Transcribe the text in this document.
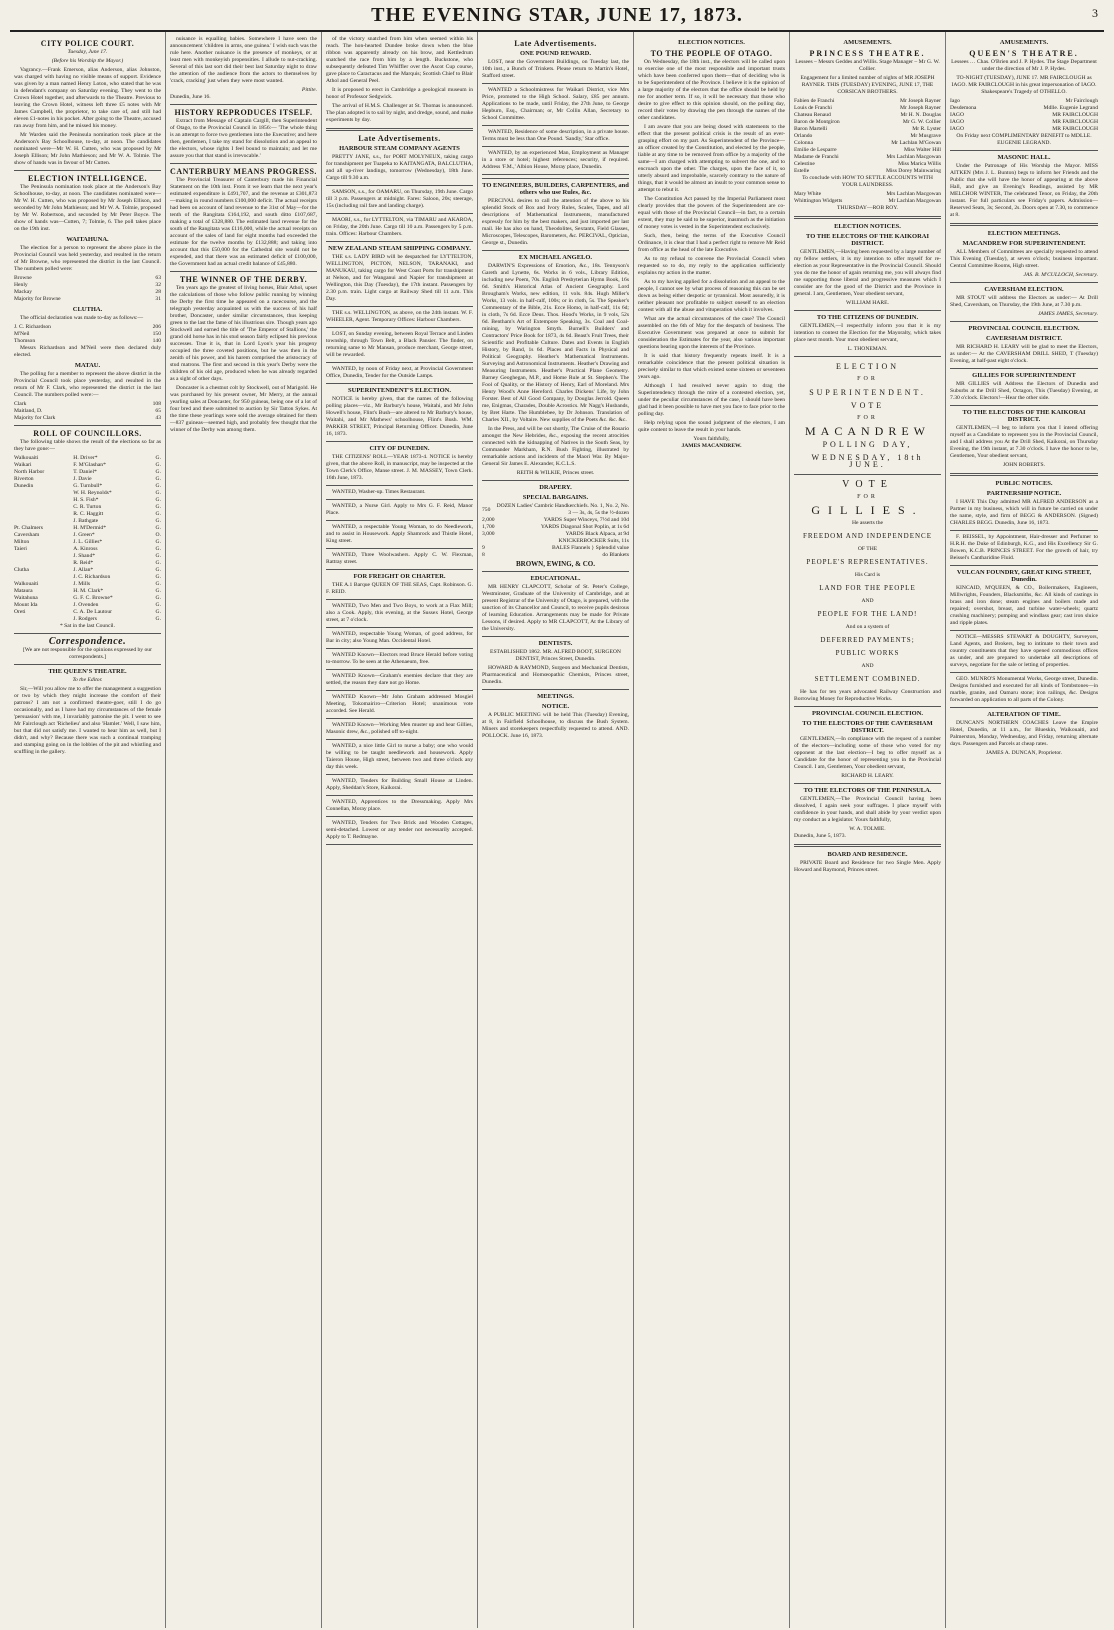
THE EVENING STAR, JUNE 17, 1873.	3
CITY POLICE COURT.
Tuesday, June 17.
(Before his Worship the Mayor.)

Vagrancy.—Frank Emerson, alias Anderson, alias Johnston, was charged with having no visible means of support. Evidence was given by a man named Henry Loton, who stated that he was in defendant's company on Saturday evening. They went to the Crown Hotel together, and afterwards to the Theatre. Previous to leaving the Crown Hotel, witness left three £5 notes with Mr James Campbell, the proprietor, to take care of, and still had eleven £1-notes in his pocket. After going to the Theatre, accused ran away from him, and he missed his money.

Mr Warden said the Peninsula nomination took place at the Anderson's Bay Schoolhouse, to-day, at noon. The candidates nominated were—Mr W. H. Cutten, who was proposed by Mr Joseph Ellison; Mr John Mathieson; and Mr W. A. Tolmie. The show of hands was in favour of Mr Cutten.

ELECTION INTELLIGENCE.

The Peninsula nomination took place at the Anderson's Bay Schoolhouse, to-day, at noon. The candidates nominated were—Mr W. H. Cutten, who was proposed by Mr Joseph Ellison, and seconded by Mr John Mathieson; and Mr W. A. Tolmie, proposed by Mr W. Robertson, and seconded by Mr Peter Boyce. The show of hands was—Cutten, 7; Tolmie, 6. The poll takes place on the 19th inst.

WAITAHUNA.

The election for a person to represent the above place in the Provincial Council was held yesterday, and resulted in the return of Mr Browne, who represented the district in the last Council. The numbers polled were:

Browne	63
Henly	32
Mackay	28
Majority for Browne	31
CLUTHA.

The official declaration was made to-day as follows:—

J. C. Richardson	206
M'Neil	150
Thomson	140

Messrs Richardson and M'Neil were then declared duly elected.

MATAU.

The polling for a member to represent the above district in the Provincial Council took place yesterday, and resulted in the return of Mr F. Clark, who represented the district in the last Council. The numbers polled were:—

Clark	108
Maitland, D.	65
Majority for Clark	43
ROLL OF COUNCILLORS.

The following table shows the result of the elections so far as they have gone:—

Walkouaiti	H. Driver*	G.
Waikari	F. M'Glashan*	G.
North Harbor	T. Daniel*	G.
Riverton	J. Davie	G.
Dunedin	G. Turnbull*	G.
	W. H. Reynolds*	G.
	H. S. Fish*	G.
	C. R. Turton	G.
	R. C. Haggitt	G.
	J. Bathgate	G.
Pt. Chalmers	H. M'Dermid*	G.
Caversham	J. Green*	O.
Milton	J. L. Gillies*	G.
Taieri	A. Kinross	G.
	J. Shand*	G.
	R. Reid*	G.
Clutha	J. Allan*	G.
	J. C. Richardson	G.
Walkouaiti	J. Mills	G.
Mataura	H. M. Clark*	G.
Waitahuna	G. F. C. Browne*	G.
Mount Ida	J. Ovenden	G.
Oreti	C. A. De Lautour	G.
	J. Rodgers	G.
* Sat in the last Council.
Correspondence.

[We are not responsible for the opinions expressed by our correspondents.]

THE QUEEN'S THEATRE.
To the Editor.

Sir,—Will you allow me to offer the management a suggestion or two by which they might increase the comfort of their patrons? I am not a confirmed theatre-goer, still I do go occasionally, and as I have had my circumstances of the female 'persuasion' with me, I invariably patronise the pit. I went to see Mr Fairclough act 'Richelieu' and also 'Hamlet.' Well, I saw him, but that did not satisfy me. I wanted to hear him as well, but I didn't, and why? Because there was such a continual tramping and stamping going on in the lobbies of the pit and whistling and scuffling in the gallery.

nuisance is equalling babies. Somewhere I have seen the announcement 'children in arms, one guinea.' I wish such was the rule here. Another nuisance is the presence of monkeys, or at least men with monkeyish propensities. I allude to nut-cracking. Several of this last sort did their best last Saturday night to draw the attention of the audience from the actors to themselves by 'crack, cracking' just when they were most wanted.

Pittite.
Dunedin, June 16.
HISTORY REPRODUCES ITSELF.

Extract from Message of Captain Cargill, then Superintendent of Otago, to the Provincial Council in 1856:— 'The whole thing is an attempt to force two gentlemen into the Executive; and here then, gentlemen, I take my stand for dissolution and an appeal to the electors, whose rights I feel bound to maintain; and let me assure you that that stand is irrevocable.'

CANTERBURY MEANS PROGRESS.

The Provincial Treasurer of Canterbury made his Financial Statement on the 10th inst. From it we learn that the next year's estimated expenditure is £491,707, and the revenue at £301,873—making in round numbers £100,000 deficit. The actual receipts had been on account of land revenue to the 31st of May—for the tenth of the Rangitata £164,192, and south ditto £107,687, making a total of £328,880. The estimated land revenue for the south of the Rangitata was £116,000, while the actual receipts on account of the sales of land for eight months had exceeded the estimate for the twelve months by £132,888; and taking into account that this £50,000 for the Cathedral site would not be expended, and that there was an estimated deficit of £100,000, the Government had an actual credit balance of £45,880.

THE WINNER OF THE DERBY.

Ten years ago the greatest of living horses, Blair Athol, upset the calculations of those who follow public running by winning the Derby the first time he appeared on a racecourse, and the telegraph yesterday acquainted us with the success of his half brother, Doncaster, under similar circumstances, thus keeping green to the last the fame of his illustrious sire. Though years ago Stockwell and earned the title of 'The Emperor of Stallions,' the grand old horse has in his stud season fairly eclipsed his previous successes. True it is, that in Lord Lyon's year his progeny occupied the three coveted positions, but he was then in the zenith of his power, and his harem comprised the aristocracy of stud matrons. The first and second in this year's Derby were the children of his old age, produced when he was already regarded as a sight of other days.

Doncaster is a chestnut colt by Stockwell, out of Marigold. He was purchased by his present owner, Mr Merry, at the annual yearling sales at Doncaster, for 950 guineas, being one of a lot of four bred and there submitted to auction by Sir Tatton Sykes. At the time these yearlings were sold the average obtained for them—837 guineas—seemed high, and probably few thought that the winner of the Derby was among them.

of the victory snatched from him when seemed within his reach. The hon-hearted Dundee broke down when the blue ribbon was apparently already on his brow, and Kettledrum snatched the race from him by a length. Buckstone, who subsequently defeated Tim Whiffler over the Ascot Cup course, gave place to Caractacus and the Marquis; Scottish Chief to Blair Athol and General Peel.

It is proposed to erect in Cambridge a geological museum in honor of Professor Sedgwick.

The arrival of H.M.S. Challenger at St. Thomas is announced. The plan adopted is to sail by night, and dredge, sound, and make experiments by day.

Late Advertisements.
HARBOUR STEAM COMPANY AGENTS

PRETTY JANE, s.s., for PORT MOLYNEUX, taking cargo for transhipment per Tuapeka to KAITANGATA, BALCLUTHA, and all up-river landings, tomorrow (Wednesday), 18th June. Cargo till 9.30 a.m.

SAMSON, s.s., for OAMARU, on Thursday, 19th June. Cargo till 3 p.m. Passengers at midnight. Fares: Saloon, 20s; steerage, 15s (including rail fare and landing charge).

MAORI, s.s., for LYTTELTON, via TIMARU and AKAROA, on Friday, the 20th June. Cargo till 10 a.m. Passengers by 5 p.m. train. Offices: Harbour Chambers.

NEW ZEALAND STEAM SHIPPING COMPANY.

THE s.s. LADY BIRD will be despatched for LYTTELTON, WELLINGTON, PICTON, NELSON, TARANAKI, and MANUKAU, taking cargo for West Coast Ports for transhipment at Nelson, and for Wanganui and Napier for transhipment at Wellington, this Day (Tuesday), the 17th instant. Passengers by 2.30 p.m. train. Light cargo at Railway Shed till 11 a.m. This Day.

THE s.s. WELLINGTON, as above, on the 24th instant. W. F. WHEELER, Agent. Temporary Offices: Harbour Chambers.

LOST, on Sunday evening, between Royal Terrace and Linden township, through Town Belt, a Black Pansier. The finder, on returning same to Mr Mansan, produce merchant, George street, will be rewarded.

WANTED, by noon of Friday next, at Provincial Government Office, Dunedin, Tender for the Outside Lamps.

SUPERINTENDENT'S ELECTION.

NOTICE is hereby given, that the names of the following polling places—viz., Mr Barbury's house, Waitahi, and Mr John Howell's house, Flint's Bush—are altered to Mr Barbury's house, Waitahi, and Mr Mathews' schoolhouse, Flint's Bush. WM. PARKER STREET, Principal Returning Officer. Dunedin, June 16, 1873.

CITY OF DUNEDIN.

THE CITIZENS' ROLL—YEAR 1873-4. NOTICE is hereby given, that the above Roll, in manuscript, may be inspected at the Town Clerk's Office, Manse street. J. M. MASSEY, Town Clerk. 16th June, 1873.

WANTED, Washer-up. Times Restaurant.

WANTED, a Nurse Girl. Apply to Mrs G. F. Reid, Manor Place.

WANTED, a respectable Young Woman, to do Needlework, and to assist in Housework. Apply Shamrock and Thistle Hotel, King street.

WANTED, Three Woolwashers. Apply C. W. Flexman, Rattray street.

FOR FREIGHT OR CHARTER.

THE A.1 Barque QUEEN OF THE SEAS, Capt. Robinson. G. F. REID.

WANTED, Two Men and Two Boys, to work at a Flax Mill; also a Cook. Apply, this evening, at the Sussex Hotel, George street, at 7 o'clock.

WANTED, respectable Young Woman, of good address, for Bar in city; also Young Man. Occidental Hotel.

WANTED Known—Electors read Bruce Herald before voting to-morrow. To be seen at the Athenaeum, free.

WANTED Known—Graham's enemies declare that they are settled, the reason they dare not go Home.

WANTED Known—Mr John Graham addressed Mosgiel Meeting, Tokomairiro—Criterion Hotel; unanimous vote accorded. See Herald.

WANTED Known—Working Men muster up and hear Gillies, Masonic drew, &c., polished off to-night.

WANTED, a nice little Girl to nurse a baby; one who would be willing to be taught needlework and housework. Apply Taieron House, High street, between two and three o'clock any day this week.

WANTED, Tenders for Building Small House at Linden. Apply, Sheddan's Store, Kaikorai.

WANTED, Apprentices to the Dressmaking. Apply Mrs Connellan, Moray place.

WANTED, Tenders for Two Brick and Wooden Cottages, semi-detached. Lowest or any tender not necessarily accepted. Apply to T. Redmayne.

Late Advertisements.
ONE POUND REWARD.

LOST, near the Government Buildings, on Tuesday last, the 10th inst., a Bunch of Trinkets. Please return to Martin's Hotel, Stafford street.

WANTED a Schoolmistress for Waikari District, vice Mrs Price, promoted to the High School. Salary, £85 per annum. Applications to be made, until Friday, the 27th June, to George Hepburn, Esq., Chairman; or, Mr Collin Allan, Secretary to School Committee.

WANTED, Residence of some description, in a private house. Terms must be less than One Pound. 'Sandly,' Star office.

WANTED, by an experienced Man, Employment as Manager in a store or hotel; highest references; security, if required. Address 'F.M.,' Albion House, Moray place, Dunedin.

TO ENGINEERS, BUILDERS, CARPENTERS, and others who use Rules, &c.

PERCIVAL desires to call the attention of the above to his splendid Stock of Box and Ivory Rules, Scales, Tapes, and all descriptions of Mathematical Instruments, manufactured expressly for him by the best makers, and just imported per last mail. He has also on hand, Theodolites, Sextants, Field Glasses, Microscopes, Telescopes, Barometers, &c. PERCIVAL, Optician, George st., Dunedin.

EX MICHAEL ANGELO.

DARWIN'S Expressions of Emotion, &c., 18s. Tennyson's Gareth and Lynette, 6s. Works in 6 vols., Library Edition, including new Poem, 70s. English Presbyterian Hymn Book, 16s 6d. Smith's Historical Atlas of Ancient Geography. Lord Brougham's Works, new edition, 11 vols. 84s. Hugh Miller's Works, 13 vols. in half-calf, 100s; or in cloth, 5s. The Speaker's Commentary of the Bible, 21s. Ecce Homo, in half-calf, 11s 6d; in cloth, 7s 6d. Ecce Deus. Thos. Hood's Works, in 9 vols, 52s 6d. Bentham's Art of Extempore Speaking, 3s. Coal and Coal-mining, by Warington Smyth. Burnell's Builders' and Contractors' Price Book for 1873, 4s 6d. Beast's Fruit Trees, their Scientific and Profitable Culture. Dates and Events in English History, by Rand, 1s 6d. Places and Facts in Physical and Political Geography. Heather's Mathematical Instruments. Surveying and Astronomical Instruments. Heather's Drawing and Measuring Instruments. Heather's Practical Plane Geometry. Barney Geoghegan, M.P., and Home Rule at St. Stephen's. The Fool of Quality, or the History of Henry, Earl of Moreland. Mrs Henry Wood's Anne Hereford. Charles Dickens' Life, by John Forster. Best of All Good Company, by Douglas Jerrold. Queen me, Enigmas, Charades, Double Acrostics. Mr Nagg's Husbands, by Bret Harte. The Humblebee, by Dr Johnson. Translation of Charles XII., by Voltaire. New supplies of the Poets &c. &c. &c.

In the Press, and will be out shortly, The Cruise of the Rosario amongst the New Hebrides, &c., exposing the recent atrocities connected with the kidnapping of Natives in the South Seas, by Commander Markham, R.N. Bush Fighting, illustrated by remarkable actions and incidents of the Maori War. By Major-General Sir James E. Alexander, K.C.L.S.

REITH & WILKIE, Princes street.
DRAPERY.
SPECIAL BARGAINS.
750	DOZEN Ladies' Cambric Handkerchiefs. No. 1, No. 2, No. 3 — 3s, 4s, 5s the ½-dozen
2,000	YARDS Super Winceys, 7½d and 10d
1,700	YARDS Diagonal Shot Poplin, at 1s 6d
3,000	YARDS Black Alpaca, at 9d
	KNICKERBOCKER Suits, 11s
9	BALES Flannels } Splendid value
8	do Blankets
BROWN, EWING, & CO.
EDUCATIONAL.

MR HENRY CLAPCOTT, Scholar of St. Peter's College, Westminster, Graduate of the University of Cambridge, and at present Registrar of the University of Otago, is prepared, with the sanction of its Chancellor and Council, to receive pupils desirous of learning Education. Arrangements may be made for Private Lessons, if desired. Apply to MR CLAPCOTT, At the Library of the University.

DENTISTS.

ESTABLISHED 1862. MR. ALFRED BOOT, SURGEON DENTIST, Princes Street, Dunedin.

HOWARD & RAYMOND, Surgeon and Mechanical Dentists, Pharmaceutical and Homœopathic Chemists, Princes street, Dunedin.

MEETINGS.
NOTICE.

A PUBLIC MEETING will be held This (Tuesday) Evening, at 8, in Fairfield Schoolhouse, to discuss the Bush System. Miners and storekeepers respectfully requested to attend. AND. POLLOCK. June 16, 1873.

ELECTION NOTICES.
TO THE PEOPLE OF OTAGO.

On Wednesday, the 18th inst., the electors will be called upon to exercise one of the most responsible and important trusts which have been conferred upon them—that of deciding who is to be Superintendent of the Province. I believe it is the opinion of a large majority of the electors that the office should be held by me for another term. If so, it will be necessary that those who desire to give effect to this opinion should, on the polling day, record their votes by drawing the pen through the names of the other candidates.

I am aware that you are being dosed with statements to the effect that the present political crisis is the result of an ever-grasping effort on my part. As Superintendent of the Province—an officer created by the Constitution, and elected by the people, liable at any time to be removed from office by a majority of the same—I am charged with attempting to subvert the one, and to encroach upon the other. The charges, upon the face of it, so utterly absurd and improbable, scarcely contrary to the nature of things, that it would be almost an insult to your common sense to attempt to rebut it.

The Constitution Act passed by the Imperial Parliament most clearly provides that the powers of the Superintendent are co-equal with those of the Provincial Council—in fact, to a certain extent, they may be said to be superior, inasmuch as the initiation of money votes is vested in the Superintendent exclusively.

Such, then, being the terms of the Executive Council Ordinance, it is clear that I had a perfect right to remove Mr Reid from office as the head of the late Executive.

As to my refusal to convene the Provincial Council when requested so to do, my reply to the application sufficiently explains my action in the matter.

As to my having applied for a dissolution and an appeal to the people, I cannot see by what process of reasoning this can be set down as being either despotic or tyrannical. Most assuredly, it is neither pleasant nor profitable to subject oneself to an election contest with all the abuse and vituperation which it involves.

What are the actual circumstances of the case? The Council assembled on the 6th of May for the despatch of business. The Executive Government was prepared at once to submit for consideration the Estimates for the year, also various important questions bearing upon the interests of the Province.

It is said that history frequently repeats itself. It is a remarkable coincidence that the present political situation is precisely similar to that which existed some sixteen or seventeen years ago.

Although I had resolved never again to drag the Superintendency through the mire of a contested election, yet, under the peculiar circumstances of the case, I should have been glad had it been possible to have met you face to face prior to the polling day.

Help relying upon the sound judgment of the electors, I am quite content to leave the result in your hands.

Yours faithfully,
JAMES MACANDREW.
AMUSEMENTS.
PRINCESS THEATRE.

Lessees – Messrs Geddes and Willis. Stage Manager – Mr G. W. Collier.

Engagement for a limited number of nights of MR JOSEPH RAYNER. THIS (TUESDAY) EVENING, JUNE 17, THE CORSICAN BROTHERS.

Fabien de Franchi	Mr Joseph Rayner
Louis de Franchi	Mr Joseph Rayner
Chateau Renaud	Mr H. N. Douglas
Baron de Montgiron	Mr G. W. Collier
Baron Martelli	Mr R. Lyster
Orlando	Mr Musgrave
Colonna	Mr Lachlan M'Gowan
Emilie de Lesparre	Miss Walter Hill
Madame de Franchi	Mrs Lachlan Macgowan
Celestine	Miss Marica Willis
Estelle	Miss Dorey Mainwaring

To conclude with HOW TO SETTLE ACCOUNTS WITH YOUR LAUNDRESS.

Mary White	Mrs Lachlan Macgowan
Whittington Widgetts	Mr Lachlan Macgowan

THURSDAY—ROB ROY.

ELECTION NOTICES.
TO THE ELECTORS OF THE KAIKORAI DISTRICT.

GENTLEMEN,—Having been requested by a large number of my fellow settlers, it is my intention to offer myself for re-election as your Representative in the Provincial Council. Should you do me the honor of again returning me, you will always find me supporting those liberal and progressive measures which I consider are for the good of the District and the Province in general. I am, Gentlemen, Your obedient servant,

WILLIAM HARE.
TO THE CITIZENS OF DUNEDIN.

GENTLEMEN,—I respectfully inform you that it is my intention to contest the Election for the Mayoralty, which takes place next month. Your most obedient servant,

L. THONEMAN.
ELECTION
FOR
SUPERINTENDENT.
VOTE
FOR
MACANDREW
POLLING DAY,
WEDNESDAY, 18th JUNE.
VOTE
FOR
GILLIES.
He asserts the
FREEDOM AND INDEPENDENCE
OF THE
PEOPLE'S REPRESENTATIVES.
His Card is
LAND FOR THE PEOPLE
AND
PEOPLE FOR THE LAND!
And on a system of
DEFERRED PAYMENTS;
PUBLIC WORKS
AND
SETTLEMENT COMBINED.

He has for ten years advocated Railway Construction and Borrowing Money for Reproductive Works.

PROVINCIAL COUNCIL ELECTION.
TO THE ELECTORS OF THE CAVERSHAM DISTRICT.

GENTLEMEN,—In compliance with the request of a number of the electors—including some of those who voted for my opponent at the last election—I beg to offer myself as a Candidate for the honor of representing you in the Provincial Council. I am, Gentlemen, Your obedient servant,

RICHARD H. LEARY.
TO THE ELECTORS OF THE PENINSULA.

GENTLEMEN,—The Provincial Council having been dissolved, I again seek your suffrages. I place myself with confidence in your hands, and shall abide by your verdict upon my conduct as a legislator. Yours faithfully,

W. A. TOLMIE.
Dunedin, June 5, 1873.
BOARD AND RESIDENCE.

PRIVATE Board and Residence for two Single Men. Apply Howard and Raymond, Princes street.

AMUSEMENTS.
QUEEN'S THEATRE.

Lessees … Chas. O'Brien and J. P. Hydes. The Stage Department under the direction of Mr J. P. Hydes.

TO-NIGHT (TUESDAY), JUNE 17. MR FAIRCLOUGH as IAGO. MR FAIRCLOUGH in his great impersonation of IAGO. Shakespeare's Tragedy of OTHELLO.

Iago	Mr Fairclough
Desdemona	Mdlle. Eugenie Legrand
IAGO	MR FAIRCLOUGH
IAGO	MR FAIRCLOUGH
IAGO	MR FAIRCLOUGH

On Friday next COMPLIMENTARY BENEFIT to MDLLE. EUGENIE LEGRAND.

MASONIC HALL.

Under the Patronage of His Worship the Mayor. MISS AITKEN (Mrs J. L. Bunton) begs to inform her Friends and the Public that she will have the honor of appearing at the above Hall, and give an Evening's Readings, assisted by MR MELCHOR WINTER, The celebrated Tenor, on Friday, the 20th instant. For full particulars see Friday's papers. Admission—Reserved Seats, 3s; Second, 2s. Doors open at 7.30, to commence at 8.

ELECTION MEETINGS.
MACANDREW FOR SUPERINTENDENT.

ALL Members of Committees are specially requested to attend This Evening (Tuesday), at seven o'clock; business important. Central Committee Rooms, High street.

JAS. B. M'CULLOCH, Secretary.
CAVERSHAM ELECTION.

MR STOUT will address the Electors as under:— At Drill Shed, Caversham, on Thursday, the 19th June, at 7.30 p.m.

JAMES JAMES, Secretary.
PROVINCIAL COUNCIL ELECTION.
CAVERSHAM DISTRICT.

MR RICHARD H. LEARY will be glad to meet the Electors, as under:— At the CAVERSHAM DRILL SHED, T (Tuesday) Evening, at half-past eight o'clock.

GILLIES FOR SUPERINTENDENT

MR GILLIES will Address the Electors of Dunedin and Suburbs at the Drill Shed, Octagon, This (Tuesday) Evening, at 7.30 o'clock. Electors!—Hear the other side.

TO THE ELECTORS OF THE KAIKORAI DISTRICT.

GENTLEMEN,—I beg to inform you that I intend offering myself as a Candidate to represent you in the Provincial Council, and I shall address you At the Drill Shed, Kaikorai, on Thursday Evening, the 19th instant, at 7.30 o'clock. I have the honor to be, Gentlemen, Your obedient servant,

JOHN ROBERTS.
PUBLIC NOTICES.
PARTNERSHIP NOTICE.

I HAVE This Day admitted MR ALFRED ANDERSON as a Partner in my business, which will in future be carried on under the name, style, and firm of BEGG & ANDERSON. (Signed) CHARLES BEGG. Dunedin, June 16, 1873.

F. BEISSEL, by Appointment, Hair-dresser and Perfumer to H.R.H. the Duke of Edinburgh, K.G., and His Excellency Sir G. Bowen, K.C.B. PRINCES STREET. For the growth of hair, try Beissel's Cantharidine Fluid.

VULCAN FOUNDRY, GREAT KING STREET, Dunedin.

KINCAID, M'QUEEN, & CO., Boilermakers, Engineers, Millwrights, Founders, Blacksmiths, &c. All kinds of castings in brass and iron done; steam engines and boilers made and repaired; overshot, breast, and turbine water-wheels; quartz crushing machinery; pumping and windlass gear; cast iron sluice and ripple plates.

NOTICE—MESSRS STEWART & DOUGHTY, Surveyors, Land Agents, and Brokers, beg to intimate to their town and country constituents that they have opened commodious offices as under, and are prepared to undertake all descriptions of surveys, negotiate for the sale or letting of properties.

GEO. MUNRO'S Monumental Works, George street, Dunedin. Designs furnished and executed for all kinds of Tombstones—in marble, granite, and Oamaru stone; iron railings, &c. Designs forwarded on application to all parts of the Colony.

ALTERATION OF TIME.

DUNCAN'S NORTHERN COACHES Leave the Empire Hotel, Dunedin, at 11 a.m., for Blueskin, Waikouaiti, and Palmerston, Monday, Wednesday, and Friday, returning alternate days. Passengers and Parcels at cheap rates.

JAMES A. DUNCAN, Proprietor.
